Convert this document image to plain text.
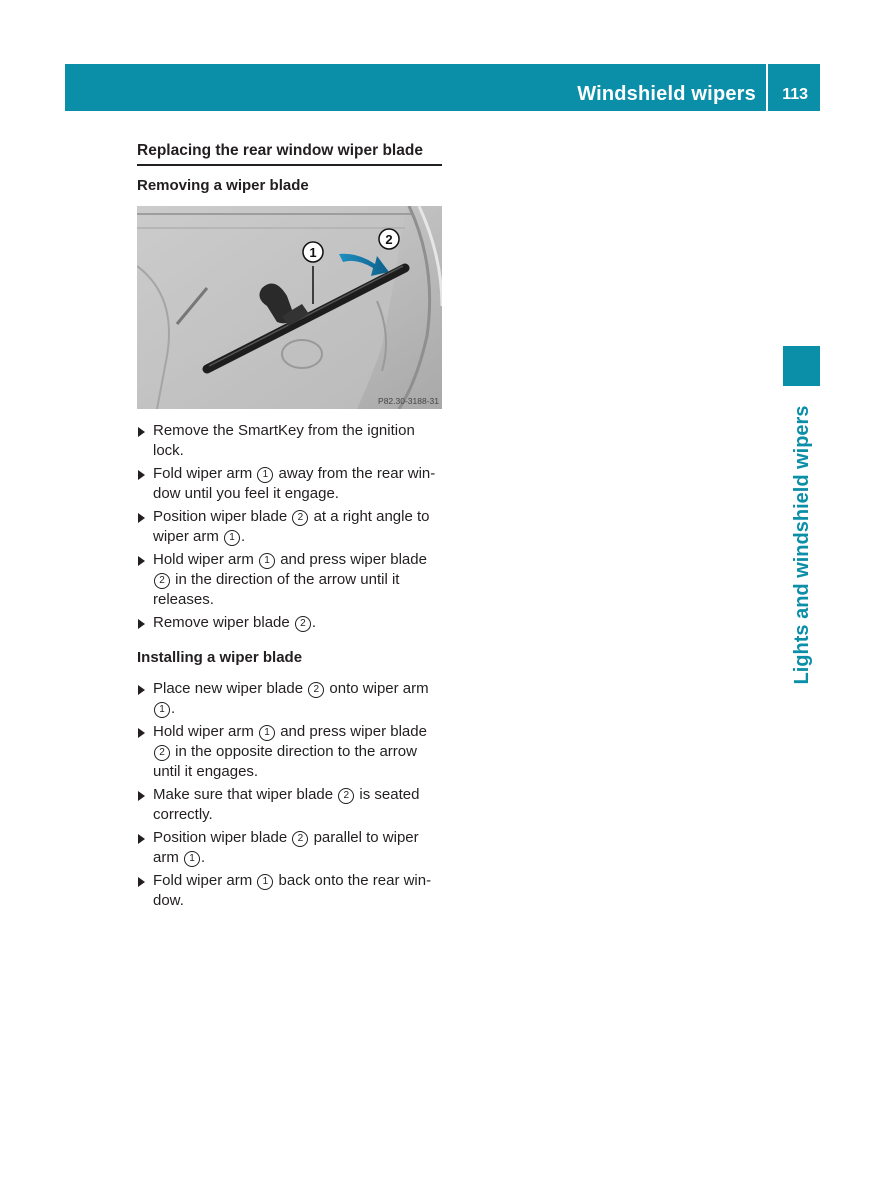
Windshield wipers 113
Lights and windshield wipers
Replacing the rear window wiper blade
Removing a wiper blade
1
2
P82.30-3188-31
Remove the SmartKey from the ignition lock.
Fold wiper arm 1 away from the rear win-dow until you feel it engage.
Position wiper blade 2 at a right angle to wiper arm 1 .
Hold wiper arm 1 and press wiper blade 2 in the direction of the arrow until it releases.
Remove wiper blade 2 .
Installing a wiper blade
Place new wiper blade 2 onto wiper arm 1 .
Hold wiper arm 1 and press wiper blade 2 in the opposite direction to the arrow until it engages.
Make sure that wiper blade 2 is seated correctly.
Position wiper blade 2 parallel to wiper arm 1 .
Fold wiper arm 1 back onto the rear win-dow.
